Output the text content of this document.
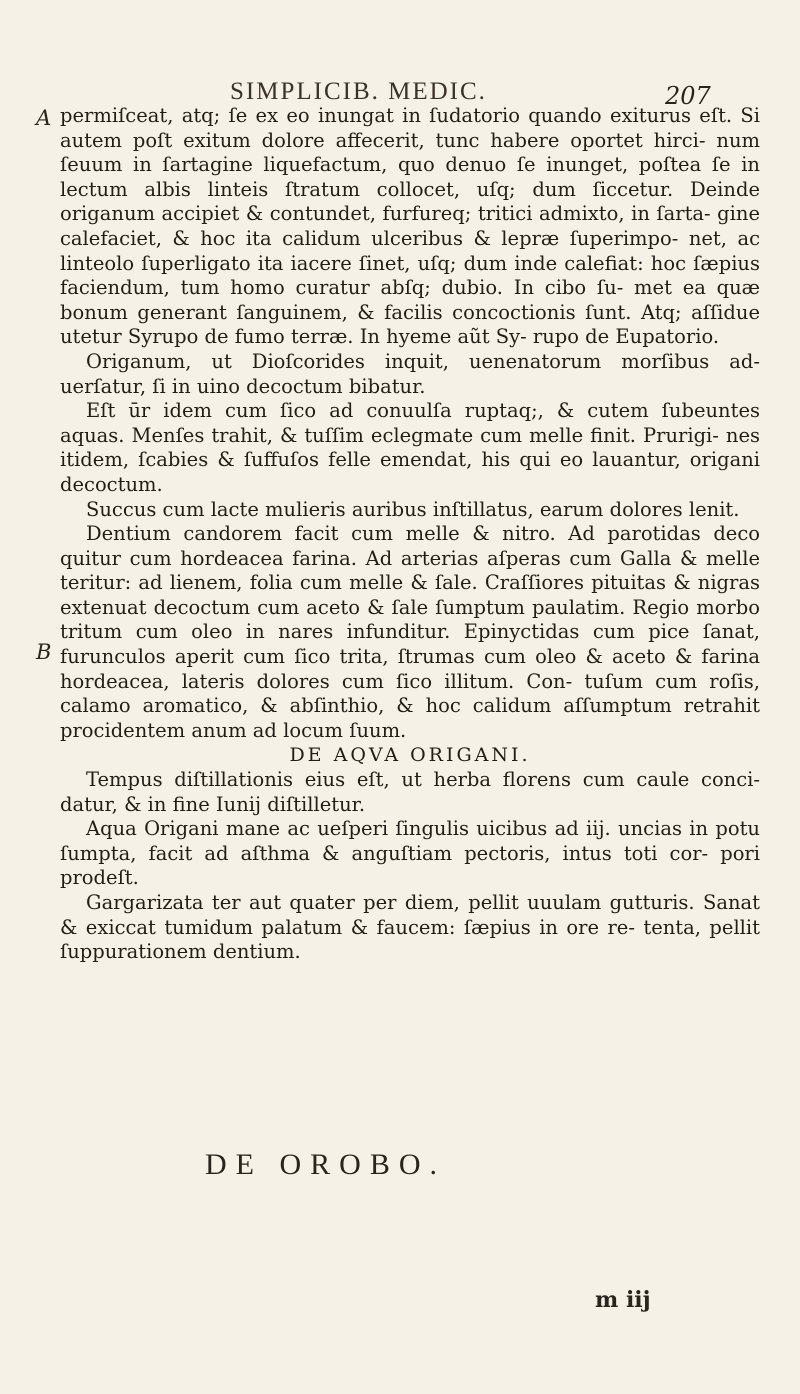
SIMPLICIB. MEDIC.	207
A
B

permiſceat, atq; ſe ex eo inungat in ſudatorio quando exiturus eſt. Si autem poſt exitum dolore affecerit, tunc habere oportet hirci- num ſeuum in ſartagine liquefactum, quo denuo ſe inunget, poſtea ſe in lectum albis linteis ſtratum collocet, uſq; dum ſiccetur. Deinde origanum accipiet & contundet, furfureq; tritici admixto, in ſarta- gine calefaciet, & hoc ita calidum ulceribus & lepræ ſuperimpo- net, ac linteolo ſuperligato ita iacere ſinet, uſq; dum inde calefiat: hoc ſæpius faciendum, tum homo curatur abſq; dubio. In cibo ſu- met ea quæ bonum generant ſanguinem, & facilis concoctionis ſunt. Atq; aſſidue utetur Syrupo de fumo terræ. In hyeme aũt Sy- rupo de Eupatorio.

Origanum, ut Dioſcorides inquit, uenenatorum morſibus ad- uerſatur, ſi in uino decoctum bibatur.

Eſt ūr idem cum ſico ad conuulſa ruptaq;, & cutem ſubeuntes aquas. Menſes trahit, & tuſſim eclegmate cum melle finit. Prurigi- nes itidem, ſcabies & ſuffuſos felle emendat, his qui eo lauantur, origani decoctum.

Succus cum lacte mulieris auribus inſtillatus, earum dolores lenit.

Dentium candorem facit cum melle & nitro. Ad parotidas deco quitur cum hordeacea farina. Ad arterias aſperas cum Galla & melle teritur: ad lienem, folia cum melle & ſale. Craſſiores pituitas & nigras extenuat decoctum cum aceto & ſale ſumptum paulatim. Regio morbo tritum cum oleo in nares infunditur. Epinyctidas cum pice ſanat, furunculos aperit cum ſico trita, ſtrumas cum oleo & aceto & farina hordeacea, lateris dolores cum ſico illitum. Con- tuſum cum roſis, calamo aromatico, & abſinthio, & hoc calidum aſſumptum retrahit procidentem anum ad locum ſuum.

DE AQVA ORIGANI.

Tempus diſtillationis eius eſt, ut herba florens cum caule conci- datur, & in fine Iunij diſtilletur.

Aqua Origani mane ac ueſperi ſingulis uicibus ad iij. uncias in potu ſumpta, facit ad aſthma & anguſtiam pectoris, intus toti cor- pori prodeſt.

Gargarizata ter aut quater per diem, pellit uuulam gutturis. Sanat & exiccat tumidum palatum & faucem: ſæpius in ore re- tenta, pellit ſuppurationem dentium.

DE OROBO.
m iij
